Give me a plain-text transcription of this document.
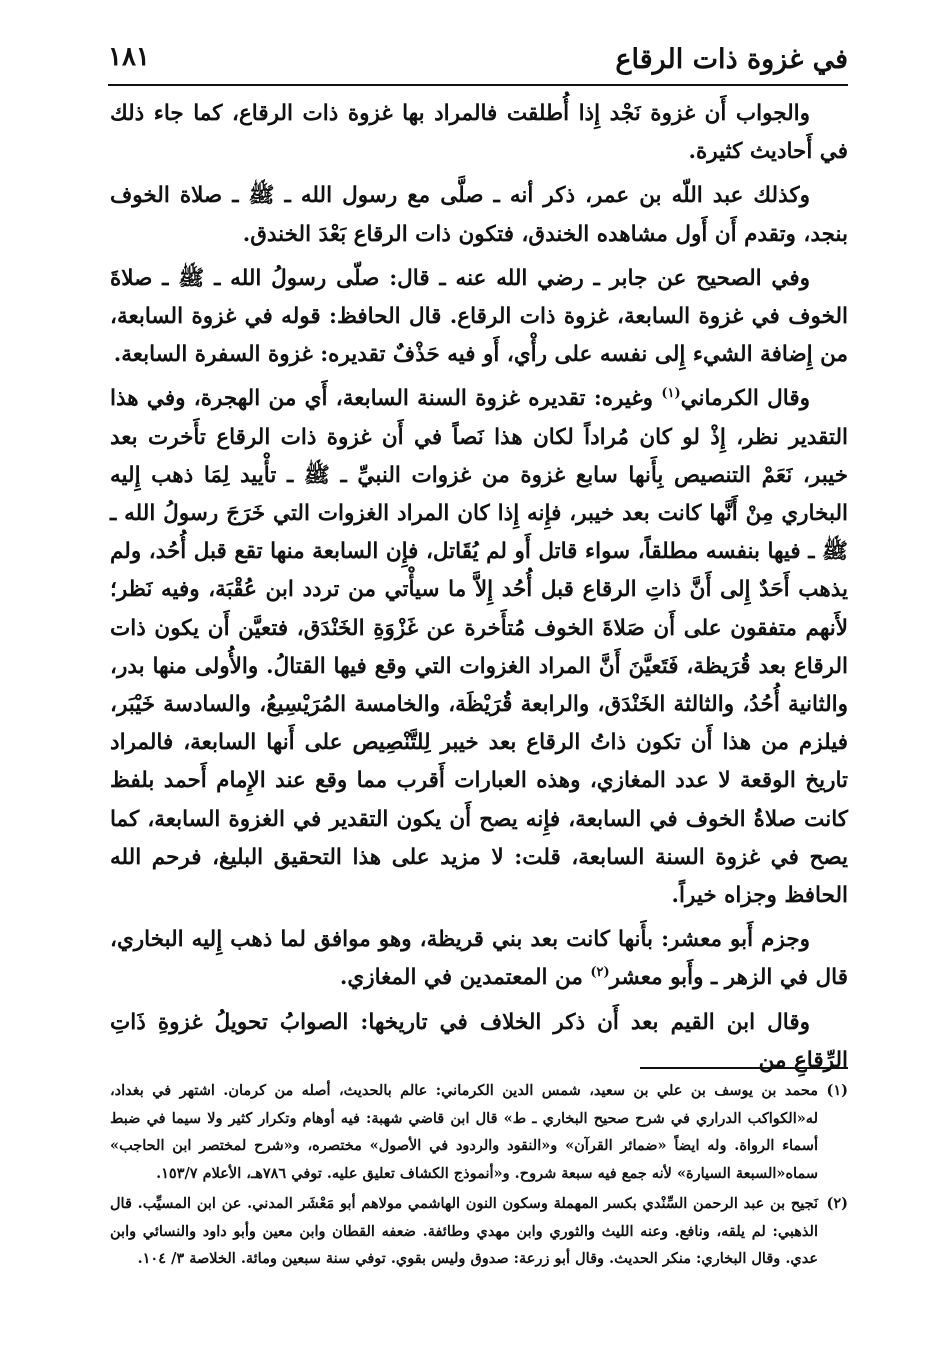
في غزوة ذات الرقاع
١٨١

والجواب أَن غزوة نَجْد إِذا أُطلقت فالمراد بها غزوة ذات الرقاع، كما جاء ذلك في أَحاديث كثيرة.

وكذلك عبد اللّه بن عمر، ذكر أنه ـ صلَّى مع رسول الله ـ ﷺ ـ صلاة الخوف بنجد، وتقدم أَن أَول مشاهده الخندق، فتكون ذات الرقاع بَعْدَ الخندق.

وفي الصحيح عن جابر ـ رضي الله عنه ـ قال: صلّى رسولُ الله ـ ﷺ ـ صلاةَ الخوف في غزوة السابعة، غزوة ذات الرقاع. قال الحافظ: قوله في غزوة السابعة، من إِضافة الشيء إِلى نفسه على رأْي، أَو فيه حَذْفٌ تقديره: غزوة السفرة السابعة.

وقال الكرماني$^{(١)}$ وغيره: تقديره غزوة السنة السابعة، أَي من الهجرة، وفي هذا التقدير نظر، إِذْ لو كان مُراداً لكان هذا نَصاً في أَن غزوة ذات الرقاع تأَخرت بعد خيبر، نَعَمْ التنصيص بِأَنها سابع غزوة من غزوات النبيِّ ـ ﷺ ـ تأْييد لِمَا ذهب إِليه البخاري مِنْ أَنَّها كانت بعد خيبر، فإِنه إِذا كان المراد الغزوات التي خَرَجَ رسولُ الله ـ ﷺ ـ فيها بنفسه مطلقاً، سواء قاتل أَو لم يُقَاتل، فإِن السابعة منها تقع قبل أُحُد، ولم يذهب أَحَدٌ إِلى أَنَّ ذاتِ الرقاع قبل أُحُد إِلاَّ ما سيأْتي من تردد ابن عُقْبَة، وفيه نَظر؛ لأَنهم متفقون على أَن صَلاةَ الخوف مُتأَخرة عن غَزْوَةِ الخَنْدَق، فتعيَّن أَن يكون ذات الرقاع بعد قُرَيظة، فَتَعيَّنَ أَنَّ المراد الغزوات التي وقع فيها القتالُ. والأُولى منها بدر، والثانية أُحُدُ، والثالثة الخَنْدَق، والرابعة قُرَيْظَة، والخامسة المُرَيْسِيعُ، والسادسة خَيْبَر، فيلزم من هذا أَن تكون ذاتُ الرقاع بعد خيبر لِلتَّنْصِيص على أَنها السابعة، فالمراد تاريخ الوقعة لا عدد المغازي، وهذه العبارات أَقرب مما وقع عند الإِمام أَحمد بلفظ كانت صلاةُ الخوف في السابعة، فإِنه يصح أَن يكون التقدير في الغزوة السابعة، كما يصح في غزوة السنة السابعة، قلت: لا مزيد على هذا التحقيق البليغ، فرحم الله الحافظ وجزاه خيراً.

وجزم أَبو معشر: بأَنها كانت بعد بني قريظة، وهو موافق لما ذهب إِليه البخاري، قال في الزهر ـ وأَبو معشر$^{(٢)}$ من المعتمدين في المغازي.

وقال ابن القيم بعد أَن ذكر الخلاف في تاريخها: الصوابُ تحويلُ غزوةِ ذَاتِ الرِّقاعِ من

(١)
محمد بن يوسف بن علي بن سعيد، شمس الدين الكرماني: عالم بالحديث، أصله من كرمان. اشتهر في بغداد، له«الكواكب الدراري في شرح صحيح البخاري ـ ط» قال ابن قاضي شهبة: فيه أوهام وتكرار كثير ولا سيما في ضبط أسماء الرواة. وله ايضاً «ضمائر القرآن» و«النقود والردود في الأصول» مختصره، و«شرح لمختصر ابن الحاجب» سماه«السبعة السيارة» لأنه جمع فيه سبعة شروح. و«أنموذج الكشاف تعليق عليه. توفي ٧٨٦هـ، الأعلام ١٥٣/٧.

(٢)
نَجيح بن عبد الرحمن السِّنْدي بكسر المهملة وسكون النون الهاشمي مولاهم أبو مَعْشَر المدني. عن ابن المسيِّب. قال الذهبي: لم يلقه، ونافع. وعنه الليث والثوري وابن مهدي وطائفة. ضعفه القطان وابن معين وأبو داود والنسائي وابن عدي. وقال البخاري: منكر الحديث. وقال أبو زرعة: صدوق وليس بقوي. توفي سنة سبعين ومائة. الخلاصة ٣/ ١٠٤.
